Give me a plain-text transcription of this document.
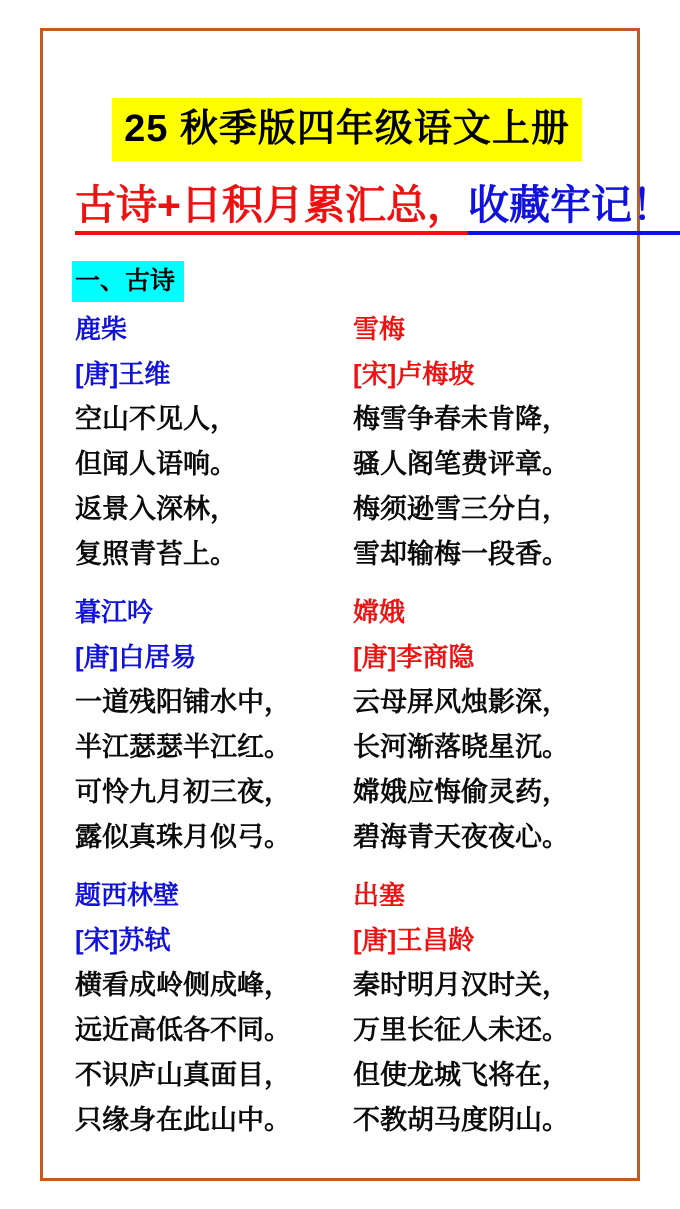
25 秋季版四年级语文上册
古诗+日积月累汇总，收藏牢记！
一、古诗
鹿柴
[唐]王维
空山不见人，
但闻人语响。
返景入深林，
复照青苔上。
雪梅
[宋]卢梅坡
梅雪争春未肯降，
骚人阁笔费评章。
梅须逊雪三分白，
雪却输梅一段香。
暮江吟
[唐]白居易
一道残阳铺水中，
半江瑟瑟半江红。
可怜九月初三夜，
露似真珠月似弓。
嫦娥
[唐]李商隐
云母屏风烛影深，
长河渐落晓星沉。
嫦娥应悔偷灵药，
碧海青天夜夜心。
题西林壁
[宋]苏轼
横看成岭侧成峰，
远近高低各不同。
不识庐山真面目，
只缘身在此山中。
出塞
[唐]王昌龄
秦时明月汉时关，
万里长征人未还。
但使龙城飞将在，
不教胡马度阴山。
